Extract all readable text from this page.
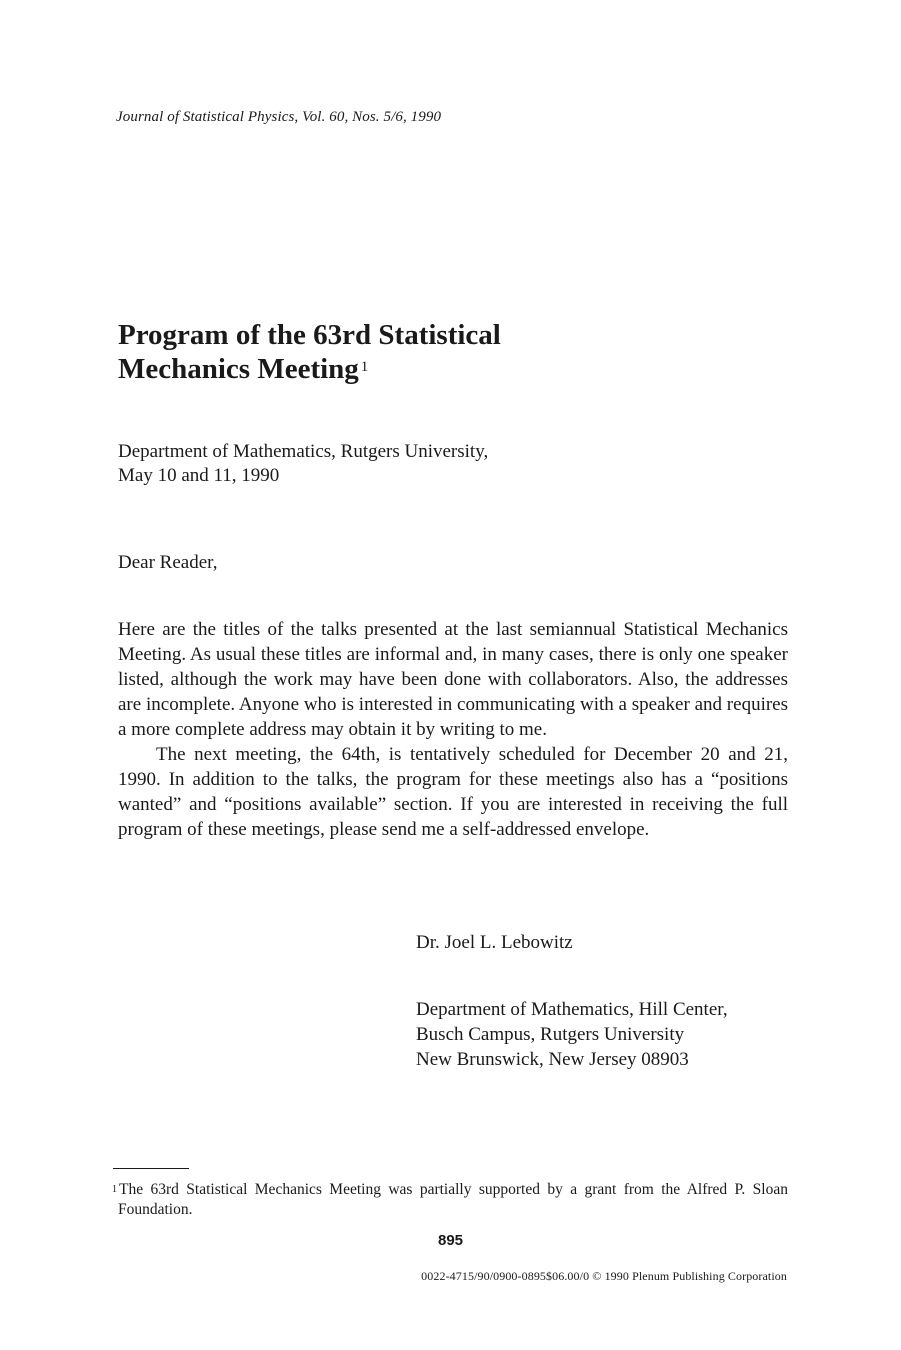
Journal of Statistical Physics, Vol. 60, Nos. 5/6, 1990
Program of the 63rd Statistical
Mechanics Meeting $^1$
Department of Mathematics, Rutgers University,
May 10 and 11, 1990
Dear Reader,

Here are the titles of the talks presented at the last semiannual Statistical Mechanics Meeting. As usual these titles are informal and, in many cases, there is only one speaker listed, although the work may have been done with collaborators. Also, the addresses are incomplete. Anyone who is interested in communicating with a speaker and requires a more complete address may obtain it by writing to me.

The next meeting, the 64th, is tentatively scheduled for December 20 and 21, 1990. In addition to the talks, the program for these meetings also has a “positions wanted” and “positions available” section. If you are interested in receiving the full program of these meetings, please send me a self-addressed envelope.

Dr. Joel L. Lebowitz
Department of Mathematics, Hill Center,
Busch Campus, Rutgers University
New Brunswick, New Jersey 08903

$^1$ The 63rd Statistical Mechanics Meeting was partially supported by a grant from the Alfred P. Sloan Foundation.

895
0022-4715/90/0900-0895$06.00/0 © 1990 Plenum Publishing Corporation
